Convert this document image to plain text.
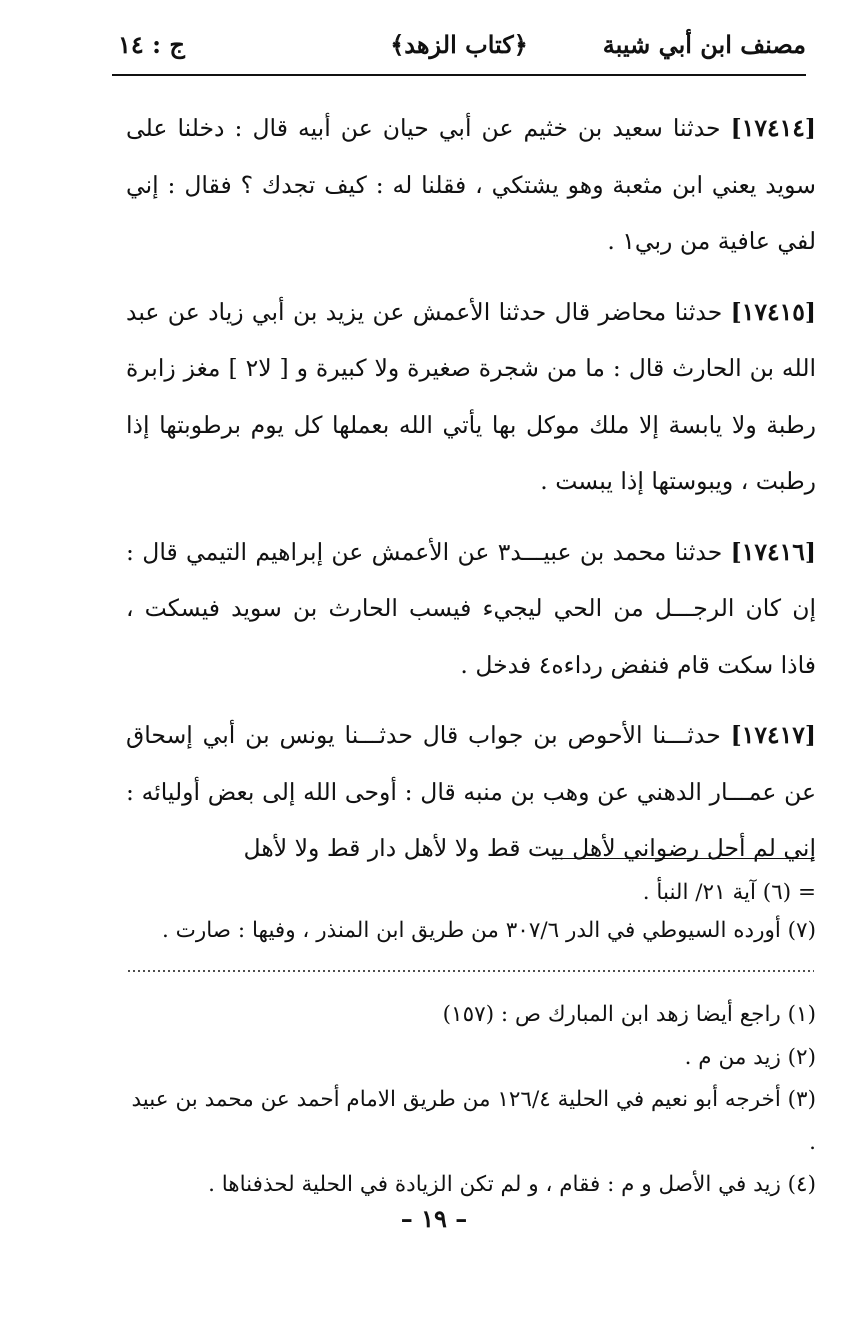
مصنف ابن أبي شيبة
﴿كتاب الزهد﴾
ج : ١٤

[١٧٤١٤] حدثنا سعيد بن خثيم عن أبي حيان عن أبيه قال : دخلنا على سويد يعني ابن مثعبة وهو يشتكي ، فقلنا له : كيف تجدك ؟ فقال : إني لفي عافية من ربي١ .

[١٧٤١٥] حدثنا محاضر قال حدثنا الأعمش عن يزيد بن أبي زياد عن عبد الله بن الحارث قال : ما من شجرة صغيرة ولا كبيرة و [ لا٢ ] مغز زابرة رطبة ولا يابسة إلا ملك موكل بها يأتي الله بعملها كل يوم برطوبتها إذا رطبت ، ويبوستها إذا يبست .

[١٧٤١٦] حدثنا محمد بن عبيـــد٣ عن الأعمش عن إبراهيم التيمي قال : إن كان الرجـــل من الحي ليجيء فيسب الحارث بن سويد فيسكت ، فاذا سكت قام فنفض رداءه٤ فدخل .

[١٧٤١٧] حدثـــنا الأحوص بن جواب قال حدثـــنا يونس بن أبي إسحاق عن عمـــار الدهني عن وهب بن منبه قال : أوحى الله إلى بعض أوليائه : إني لم أحل رضواني لأهل بيت قط ولا لأهل دار قط ولا لأهل

= (٦) آية ٢١/ النبأ .

(٧) أورده السيوطي في الدر ٣٠٧/٦ من طريق ابن المنذر ، وفيها : صارت .

(١) راجع أيضا زهد ابن المبارك ص : (١٥٧)

(٢) زيد من م .

(٣) أخرجه أبو نعيم في الحلية ١٢٦/٤ من طريق الامام أحمد عن محمد بن عبيد .

(٤) زيد في الأصل و م : فقام ، و لم تكن الزيادة في الحلية لحذفناها .

– ١٩ –
